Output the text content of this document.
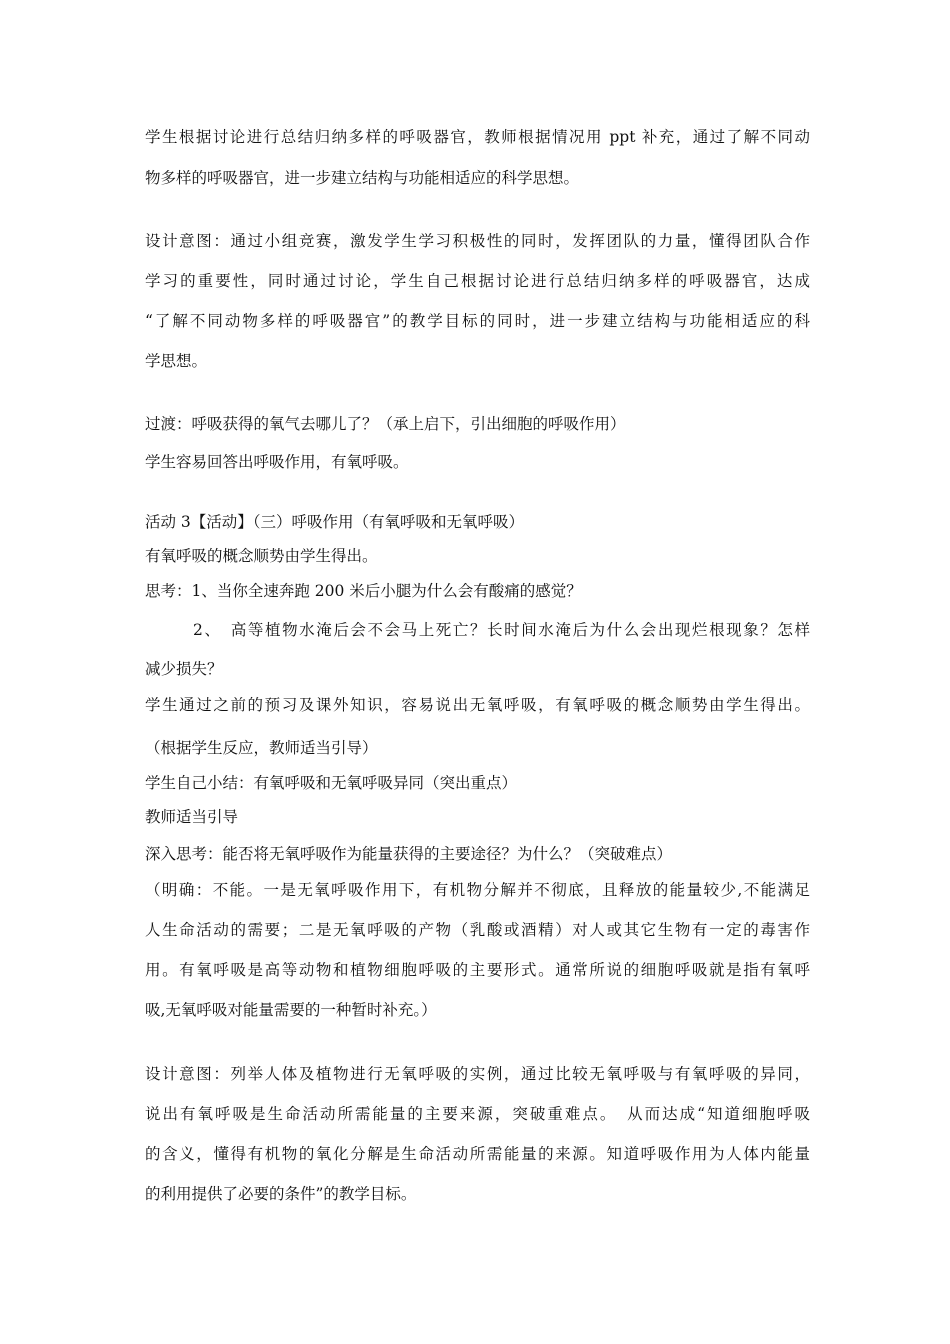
学生根据讨论进行总结归纳多样的呼吸器官，教师根据情况用 ppt 补充，通过了解不同动
物多样的呼吸器官，进一步建立结构与功能相适应的科学思想。
设计意图：通过小组竞赛，激发学生学习积极性的同时，发挥团队的力量，懂得团队合作
学习的重要性，同时通过讨论，学生自己根据讨论进行总结归纳多样的呼吸器官，达成
“了解不同动物多样的呼吸器官”的教学目标的同时，进一步建立结构与功能相适应的科
学思想。
过渡：呼吸获得的氧气去哪儿了？（承上启下，引出细胞的呼吸作用）
学生容易回答出呼吸作用，有氧呼吸。
活动 3【活动】（三）呼吸作用（有氧呼吸和无氧呼吸）
有氧呼吸的概念顺势由学生得出。
思考：1、当你全速奔跑 200 米后小腿为什么会有酸痛的感觉？
2、　高等植物水淹后会不会马上死亡？长时间水淹后为什么会出现烂根现象？怎样
减少损失？
学生通过之前的预习及课外知识，容易说出无氧呼吸，有氧呼吸的概念顺势由学生得出。
（根据学生反应，教师适当引导）
学生自己小结：有氧呼吸和无氧呼吸异同（突出重点）
教师适当引导
深入思考：能否将无氧呼吸作为能量获得的主要途径？为什么？（突破难点）
（明确：不能。一是无氧呼吸作用下，有机物分解并不彻底，且释放的能量较少,不能满足
人生命活动的需要；二是无氧呼吸的产物（乳酸或酒精）对人或其它生物有一定的毒害作
用。有氧呼吸是高等动物和植物细胞呼吸的主要形式。通常所说的细胞呼吸就是指有氧呼
吸,无氧呼吸对能量需要的一种暂时补充。）
设计意图：列举人体及植物进行无氧呼吸的实例，通过比较无氧呼吸与有氧呼吸的异同，
说出有氧呼吸是生命活动所需能量的主要来源，突破重难点。　从而达成“知道细胞呼吸
的含义，懂得有机物的氧化分解是生命活动所需能量的来源。知道呼吸作用为人体内能量
的利用提供了必要的条件”的教学目标。
